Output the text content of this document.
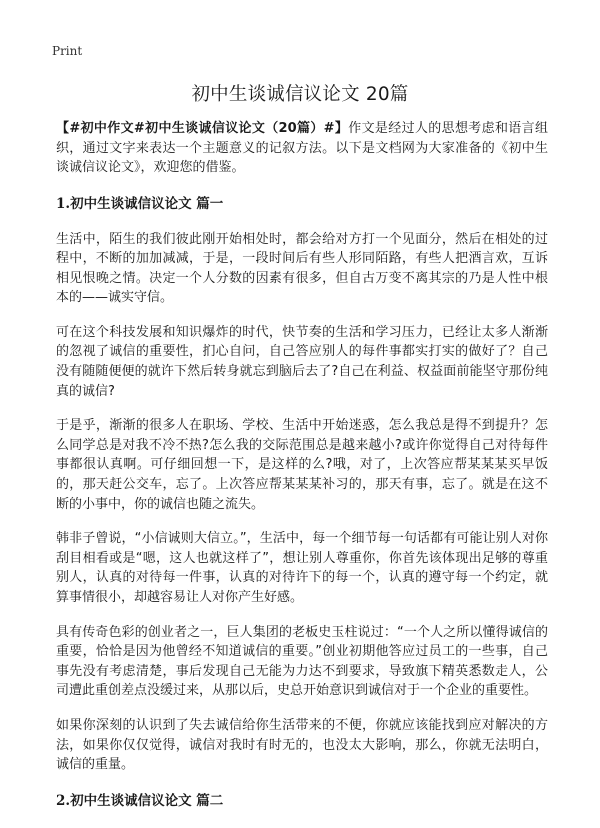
Print
初中生谈诚信议论文 20篇

【#初中作文#初中生谈诚信议论文（20篇）#】作文是经过人的思想考虑和语言组织，通过文字来表达一个主题意义的记叙方法。以下是文档网为大家准备的《初中生谈诚信议论文》，欢迎您的借鉴。

1.初中生谈诚信议论文 篇一

生活中，陌生的我们彼此刚开始相处时，都会给对方打一个见面分，然后在相处的过程中，不断的加加减减，于是，一段时间后有些人形同陌路，有些人把酒言欢，互诉相见恨晚之情。决定一个人分数的因素有很多，但自古万变不离其宗的乃是人性中根本的——诚实守信。

可在这个科技发展和知识爆炸的时代，快节奏的生活和学习压力，已经让太多人渐渐的忽视了诚信的重要性，扪心自问，自己答应别人的每件事都实打实的做好了？自己没有随随便便的就许下然后转身就忘到脑后去了?自己在利益、权益面前能坚守那份纯真的诚信?

于是乎，渐渐的很多人在职场、学校、生活中开始迷惑，怎么我总是得不到提升？怎么同学总是对我不冷不热?怎么我的交际范围总是越来越小?或许你觉得自己对待每件事都很认真啊。可仔细回想一下，是这样的么?哦，对了，上次答应帮某某某买早饭的，那天赶公交车，忘了。上次答应帮某某某补习的，那天有事，忘了。就是在这不断的小事中，你的诚信也随之流失。

韩非子曾说，“小信诚则大信立。”，生活中，每一个细节每一句话都有可能让别人对你刮目相看或是“嗯，这人也就这样了”，想让别人尊重你，你首先该体现出足够的尊重别人，认真的对待每一件事，认真的对待许下的每一个，认真的遵守每一个约定，就算事情很小，却越容易让人对你产生好感。

具有传奇色彩的创业者之一，巨人集团的老板史玉柱说过：“一个人之所以懂得诚信的重要，恰恰是因为他曾经不知道诚信的重要。”创业初期他答应过员工的一些事，自己事先没有考虑清楚，事后发现自己无能为力达不到要求，导致旗下精英悉数走人，公司遭此重创差点没缓过来，从那以后，史总开始意识到诚信对于一个企业的重要性。

如果你深刻的认识到了失去诚信给你生活带来的不便，你就应该能找到应对解决的方法，如果你仅仅觉得，诚信对我时有时无的，也没太大影响，那么，你就无法明白，诚信的重量。

2.初中生谈诚信议论文 篇二
